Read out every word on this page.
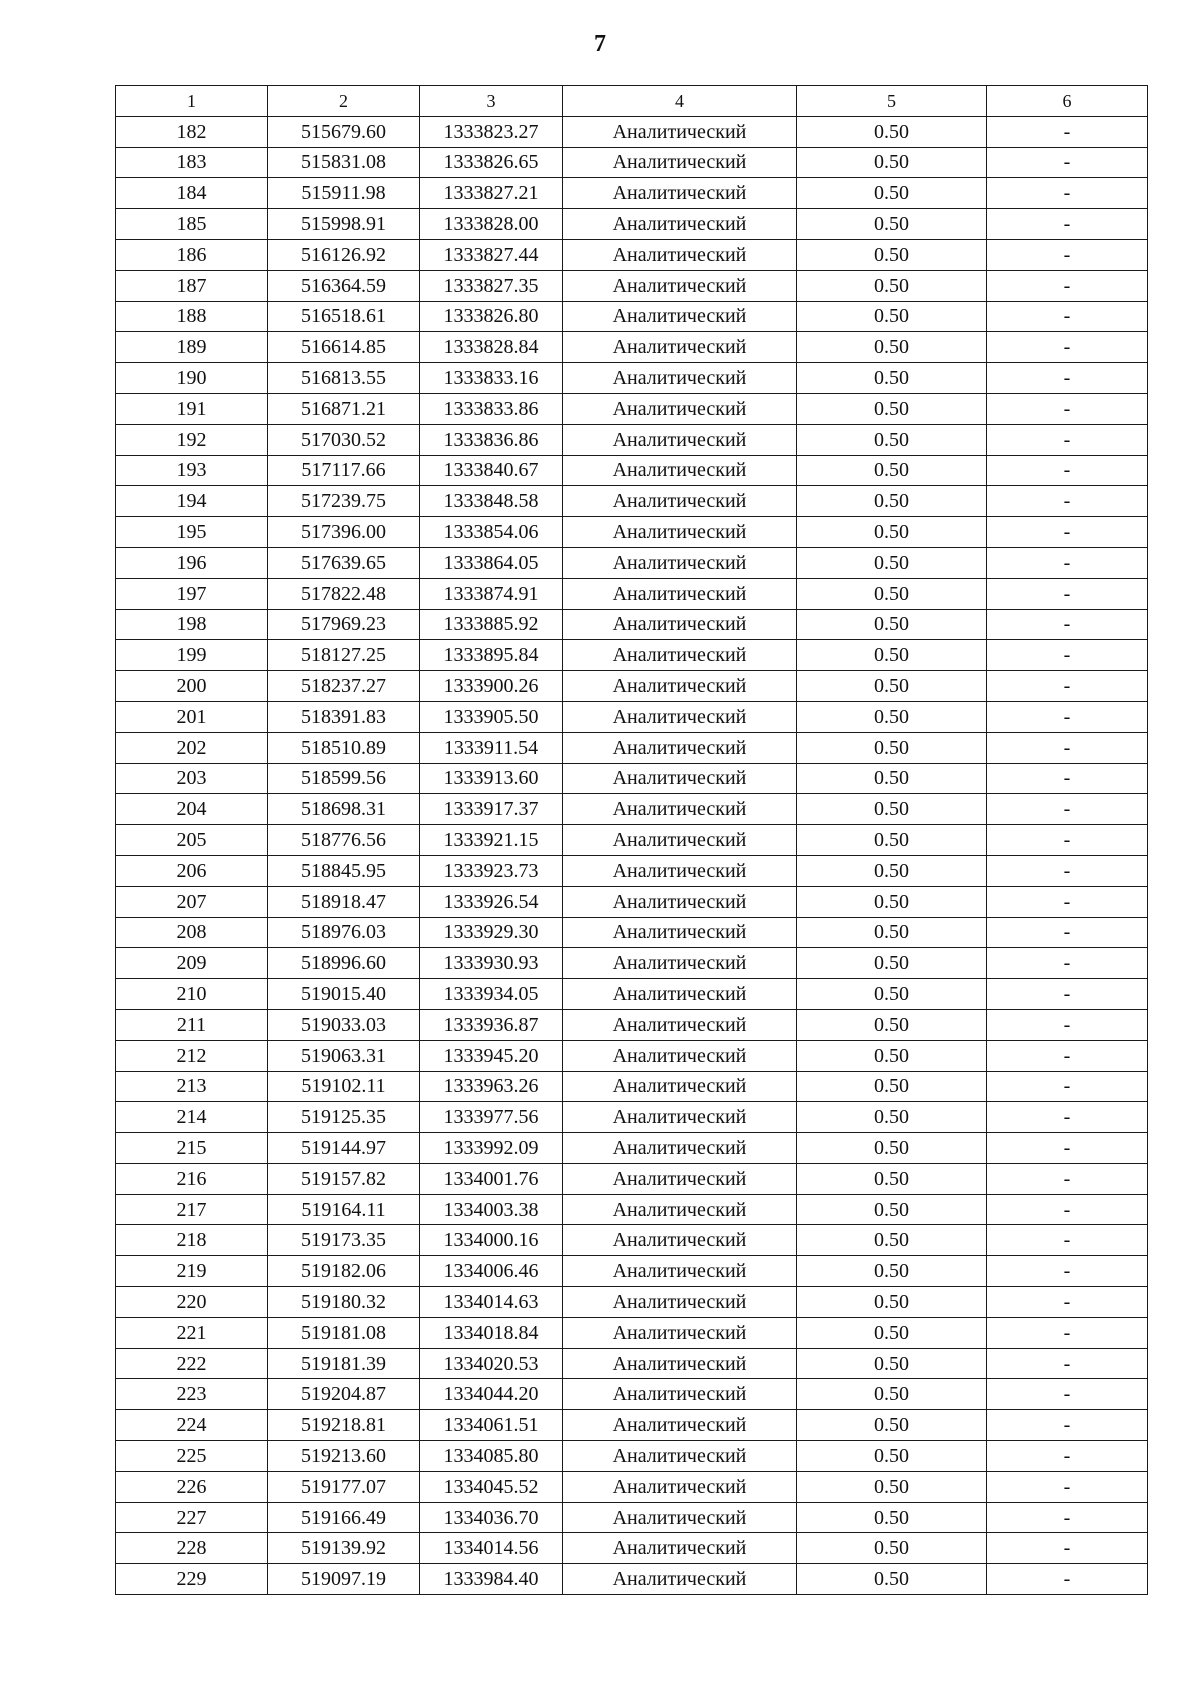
7
1	2	3	4	5	6
182	515679.60	1333823.27	Аналитический	0.50	-
183	515831.08	1333826.65	Аналитический	0.50	-
184	515911.98	1333827.21	Аналитический	0.50	-
185	515998.91	1333828.00	Аналитический	0.50	-
186	516126.92	1333827.44	Аналитический	0.50	-
187	516364.59	1333827.35	Аналитический	0.50	-
188	516518.61	1333826.80	Аналитический	0.50	-
189	516614.85	1333828.84	Аналитический	0.50	-
190	516813.55	1333833.16	Аналитический	0.50	-
191	516871.21	1333833.86	Аналитический	0.50	-
192	517030.52	1333836.86	Аналитический	0.50	-
193	517117.66	1333840.67	Аналитический	0.50	-
194	517239.75	1333848.58	Аналитический	0.50	-
195	517396.00	1333854.06	Аналитический	0.50	-
196	517639.65	1333864.05	Аналитический	0.50	-
197	517822.48	1333874.91	Аналитический	0.50	-
198	517969.23	1333885.92	Аналитический	0.50	-
199	518127.25	1333895.84	Аналитический	0.50	-
200	518237.27	1333900.26	Аналитический	0.50	-
201	518391.83	1333905.50	Аналитический	0.50	-
202	518510.89	1333911.54	Аналитический	0.50	-
203	518599.56	1333913.60	Аналитический	0.50	-
204	518698.31	1333917.37	Аналитический	0.50	-
205	518776.56	1333921.15	Аналитический	0.50	-
206	518845.95	1333923.73	Аналитический	0.50	-
207	518918.47	1333926.54	Аналитический	0.50	-
208	518976.03	1333929.30	Аналитический	0.50	-
209	518996.60	1333930.93	Аналитический	0.50	-
210	519015.40	1333934.05	Аналитический	0.50	-
211	519033.03	1333936.87	Аналитический	0.50	-
212	519063.31	1333945.20	Аналитический	0.50	-
213	519102.11	1333963.26	Аналитический	0.50	-
214	519125.35	1333977.56	Аналитический	0.50	-
215	519144.97	1333992.09	Аналитический	0.50	-
216	519157.82	1334001.76	Аналитический	0.50	-
217	519164.11	1334003.38	Аналитический	0.50	-
218	519173.35	1334000.16	Аналитический	0.50	-
219	519182.06	1334006.46	Аналитический	0.50	-
220	519180.32	1334014.63	Аналитический	0.50	-
221	519181.08	1334018.84	Аналитический	0.50	-
222	519181.39	1334020.53	Аналитический	0.50	-
223	519204.87	1334044.20	Аналитический	0.50	-
224	519218.81	1334061.51	Аналитический	0.50	-
225	519213.60	1334085.80	Аналитический	0.50	-
226	519177.07	1334045.52	Аналитический	0.50	-
227	519166.49	1334036.70	Аналитический	0.50	-
228	519139.92	1334014.56	Аналитический	0.50	-
229	519097.19	1333984.40	Аналитический	0.50	-
